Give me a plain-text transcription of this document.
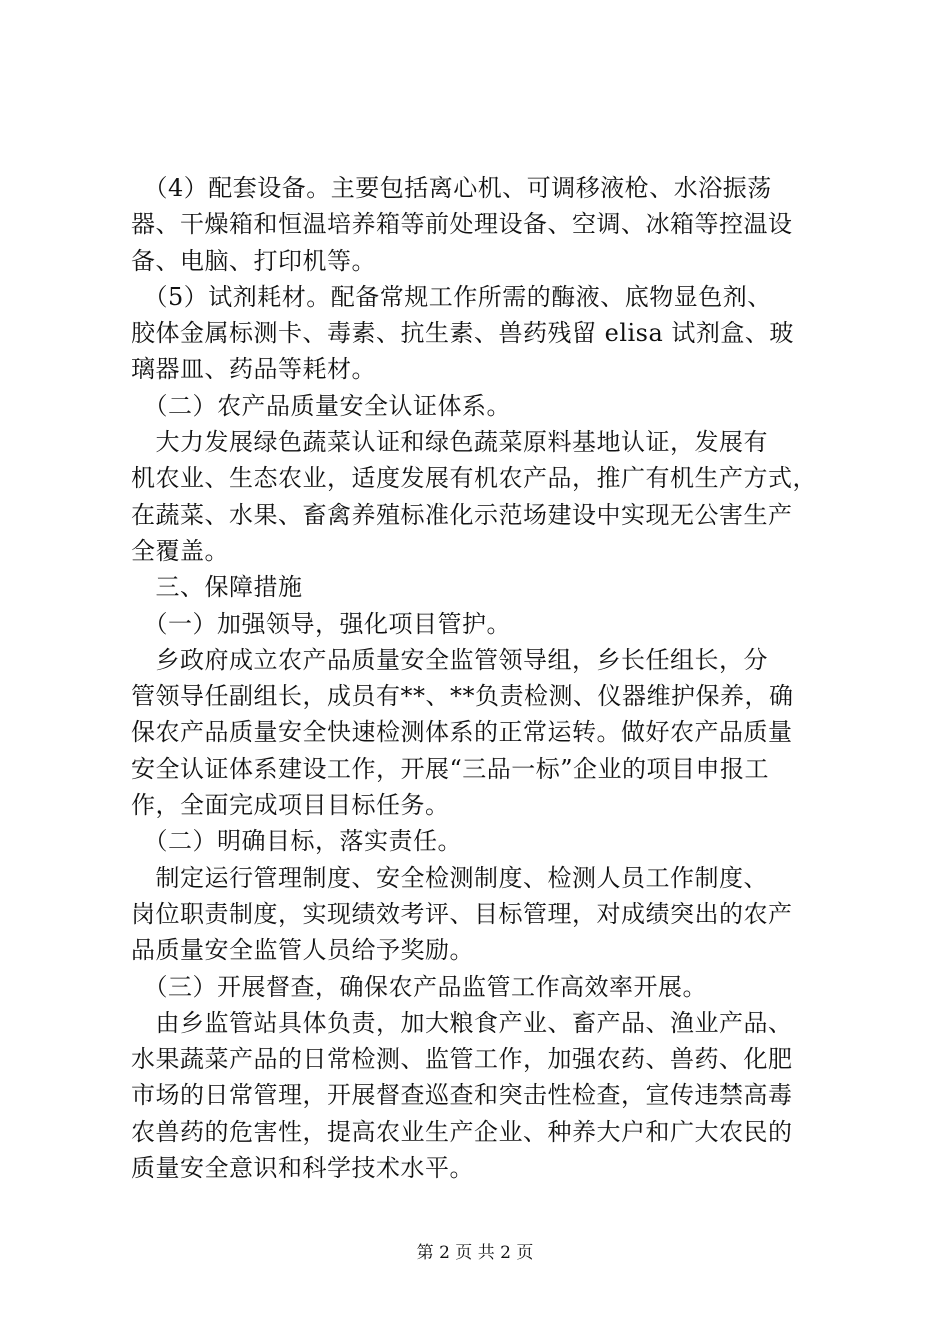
　（4）配套设备。主要包括离心机、可调移液枪、水浴振荡
器、干燥箱和恒温培养箱等前处理设备、空调、冰箱等控温设
备、电脑、打印机等。
　（5）试剂耗材。配备常规工作所需的酶液、底物显色剂、
胶体金属标测卡、毒素、抗生素、兽药残留 elisa 试剂盒、玻
璃器皿、药品等耗材。
　（二）农产品质量安全认证体系。
　大力发展绿色蔬菜认证和绿色蔬菜原料基地认证，发展有
机农业、生态农业，适度发展有机农产品，推广有机生产方式，
在蔬菜、水果、畜禽养殖标准化示范场建设中实现无公害生产
全覆盖。
　三、保障措施
　（一）加强领导，强化项目管护。
　乡政府成立农产品质量安全监管领导组，乡长任组长，分
管领导任副组长，成员有**、**负责检测、仪器维护保养，确
保农产品质量安全快速检测体系的正常运转。做好农产品质量
安全认证体系建设工作，开展“三品一标”企业的项目申报工
作，全面完成项目目标任务。
　（二）明确目标，落实责任。
　制定运行管理制度、安全检测制度、检测人员工作制度、
岗位职责制度，实现绩效考评、目标管理，对成绩突出的农产
品质量安全监管人员给予奖励。
　（三）开展督查，确保农产品监管工作高效率开展。
　由乡监管站具体负责，加大粮食产业、畜产品、渔业产品、
水果蔬菜产品的日常检测、监管工作，加强农药、兽药、化肥
市场的日常管理，开展督查巡查和突击性检查，宣传违禁高毒
农兽药的危害性，提高农业生产企业、种养大户和广大农民的
质量安全意识和科学技术水平。
第 2 页 共 2 页
